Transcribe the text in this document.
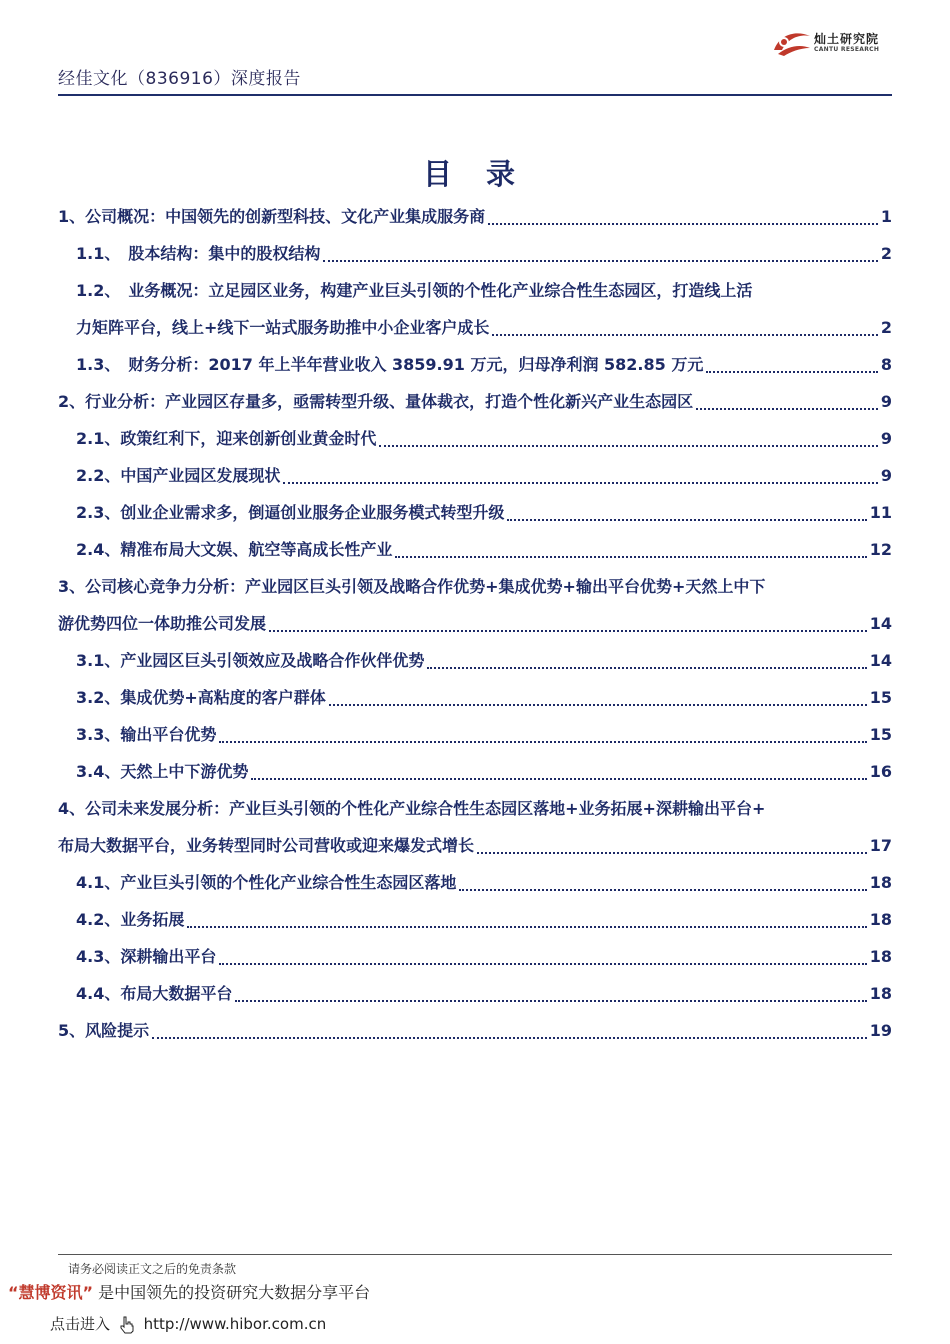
经佳文化（836916）深度报告
灿土研究院
CANTU RESEARCH
目 录
1、公司概况：中国领先的创新型科技、文化产业集成服务商	1
1.1、　股本结构：集中的股权结构	2
1.2、　业务概况：立足园区业务，构建产业巨头引领的个性化产业综合性生态园区，打造线上活
力矩阵平台，线上+线下一站式服务助推中小企业客户成长	2
1.3、　财务分析：2017 年上半年营业收入 3859.91 万元，归母净利润 582.85 万元	8
2、行业分析：产业园区存量多，亟需转型升级、量体裁衣，打造个性化新兴产业生态园区	9
2.1、政策红利下，迎来创新创业黄金时代	9
2.2、中国产业园区发展现状	9
2.3、创业企业需求多，倒逼创业服务企业服务模式转型升级	11
2.4、精准布局大文娱、航空等高成长性产业	12
3、公司核心竞争力分析：产业园区巨头引领及战略合作优势+集成优势+输出平台优势+天然上中下
游优势四位一体助推公司发展	14
3.1、产业园区巨头引领效应及战略合作伙伴优势	14
3.2、集成优势+高粘度的客户群体	15
3.3、输出平台优势	15
3.4、天然上中下游优势	16
4、公司未来发展分析：产业巨头引领的个性化产业综合性生态园区落地+业务拓展+深耕输出平台+
布局大数据平台，业务转型同时公司营收或迎来爆发式增长	17
4.1、产业巨头引领的个性化产业综合性生态园区落地	18
4.2、业务拓展	18
4.3、深耕输出平台	18
4.4、布局大数据平台	18
5、风险提示	19
请务必阅读正文之后的免责条款
“慧博资讯” 是中国领先的投资研究大数据分享平台
点击进入 http://www.hibor.com.cn
